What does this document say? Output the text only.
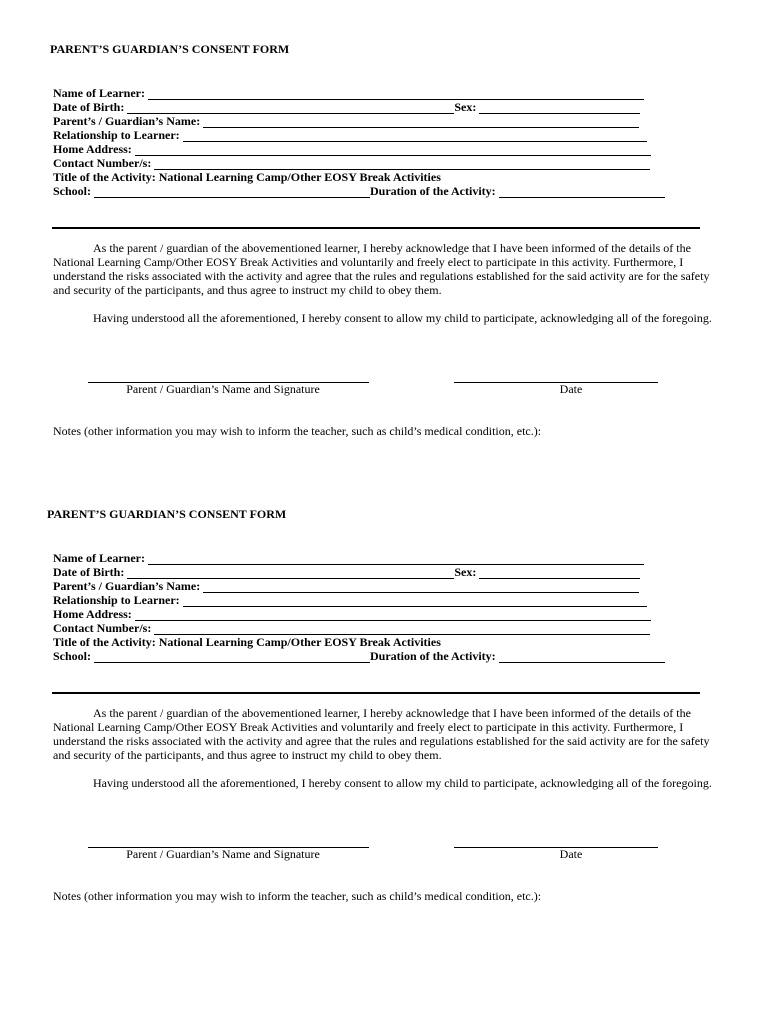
PARENT’S GUARDIAN’S CONSENT FORM
Name of Learner:
Date of Birth:	Sex:
Parent’s / Guardian’s Name:
Relationship to Learner:
Home Address:
Contact Number/s:
Title of the Activity: National Learning Camp/Other EOSY Break Activities
School:	Duration of the Activity:

As the parent / guardian of the abovementioned learner, I hereby acknowledge that I have been informed of the details of the National Learning Camp/Other EOSY Break Activities and voluntarily and freely elect to participate in this activity. Furthermore, I understand the risks associated with the activity and agree that the rules and regulations established for the said activity are for the safety and security of the participants, and thus agree to instruct my child to obey them.

Having understood all the aforementioned, I hereby consent to allow my child to participate, acknowledging all of the foregoing.

Parent / Guardian’s Name and Signature	Date
Notes (other information you may wish to inform the teacher, such as child’s medical condition, etc.):
PARENT’S GUARDIAN’S CONSENT FORM
Name of Learner:
Date of Birth:	Sex:
Parent’s / Guardian’s Name:
Relationship to Learner:
Home Address:
Contact Number/s:
Title of the Activity: National Learning Camp/Other EOSY Break Activities
School:	Duration of the Activity:

As the parent / guardian of the abovementioned learner, I hereby acknowledge that I have been informed of the details of the National Learning Camp/Other EOSY Break Activities and voluntarily and freely elect to participate in this activity. Furthermore, I understand the risks associated with the activity and agree that the rules and regulations established for the said activity are for the safety and security of the participants, and thus agree to instruct my child to obey them.

Having understood all the aforementioned, I hereby consent to allow my child to participate, acknowledging all of the foregoing.

Parent / Guardian’s Name and Signature	Date
Notes (other information you may wish to inform the teacher, such as child’s medical condition, etc.):
